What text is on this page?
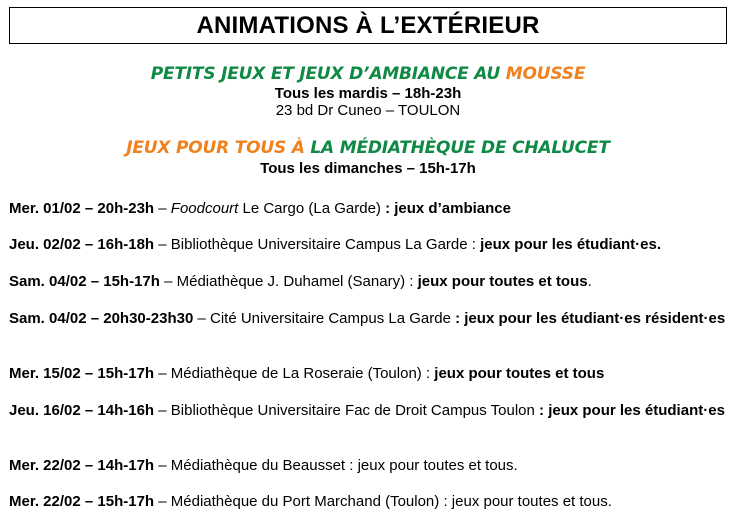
ANIMATIONS À L’EXTÉRIEUR
PETITS JEUX ET JEUX D’AMBIANCE AU MOUSSE
Tous les mardis – 18h-23h
23 bd Dr Cuneo – TOULON
JEUX POUR TOUS À LA MÉDIATHÈQUE DE CHALUCET
Tous les dimanches – 15h-17h
Mer. 01/02 – 20h-23h – Foodcourt Le Cargo (La Garde) : jeux d’ambiance
Jeu. 02/02 – 16h-18h – Bibliothèque Universitaire Campus La Garde : jeux pour les étudiant·es.
Sam. 04/02 – 15h-17h – Médiathèque J. Duhamel (Sanary) : jeux pour toutes et tous.
Sam. 04/02 – 20h30-23h30 – Cité Universitaire Campus La Garde : jeux pour les étudiant·es résident·es
Mer. 15/02 – 15h-17h – Médiathèque de La Roseraie (Toulon) : jeux pour toutes et tous
Jeu. 16/02 – 14h-16h – Bibliothèque Universitaire Fac de Droit Campus Toulon : jeux pour les étudiant·es
Mer. 22/02 – 14h-17h – Médiathèque du Beausset : jeux pour toutes et tous.
Mer. 22/02 – 15h-17h – Médiathèque du Port Marchand (Toulon) : jeux pour toutes et tous.
